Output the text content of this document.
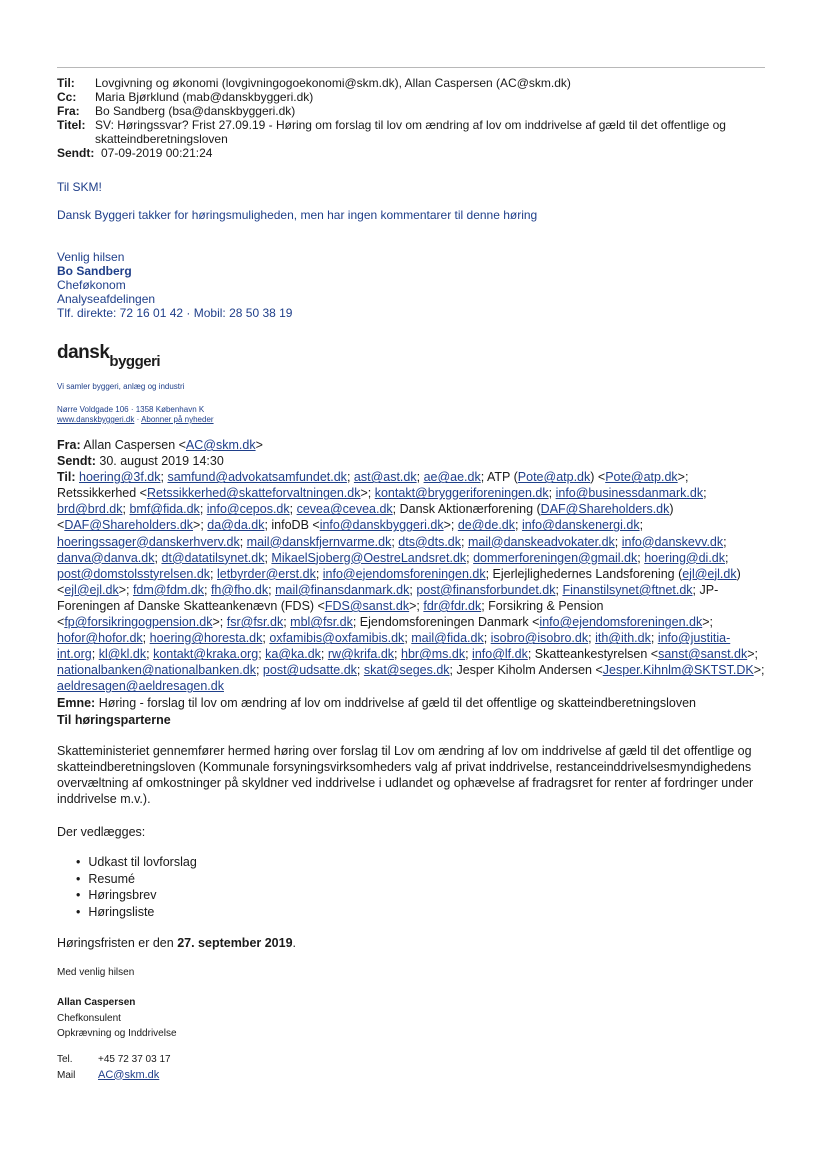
Til:	Lovgivning og økonomi (lovgivningogoekonomi@skm.dk), Allan Caspersen (AC@skm.dk)
Cc:	Maria Bjørklund (mab@danskbyggeri.dk)
Fra:	Bo Sandberg (bsa@danskbyggeri.dk)
Titel: SV: Høringssvar? Frist 27.09.19 - Høring om forslag til lov om ændring af lov om inddrivelse af gæld til det offentlige og skatteindberetningsloven
Sendt: 07-09-2019 00:21:24
Til SKM!
Dansk Byggeri takker for høringsmuligheden, men har ingen kommentarer til denne høring
Venlig hilsen
Bo Sandberg
Cheføkonom
Analyseafdelingen
Tlf. direkte: 72 16 01 42 · Mobil: 28 50 38 19
dansk$_{byggeri}$
Vi samler byggeri, anlæg og industri
Nørre Voldgade 106 · 1358 København K
www.danskbyggeri.dk · Abonner på nyheder
Fra: Allan Caspersen <AC@skm.dk>
Sendt: 30. august 2019 14:30
Til: hoering@3f.dk; samfund@advokatsamfundet.dk; ast@ast.dk; ae@ae.dk; ATP (Pote@atp.dk) <Pote@atp.dk>; Retssikkerhed <Retssikkerhed@skatteforvaltningen.dk>; kontakt@bryggeriforeningen.dk; info@businessdanmark.dk; brd@brd.dk; bmf@fida.dk; info@cepos.dk; cevea@cevea.dk; Dansk Aktionærforening (DAF@Shareholders.dk) <DAF@Shareholders.dk>; da@da.dk; infoDB <info@danskbyggeri.dk>; de@de.dk; info@danskenergi.dk; hoeringssager@danskerhverv.dk; mail@danskfjernvarme.dk; dts@dts.dk; mail@danskeadvokater.dk; info@danskevv.dk; danva@danva.dk; dt@datatilsynet.dk; MikaelSjoberg@OestreLandsret.dk; dommerforeningen@gmail.dk; hoering@di.dk; post@domstolsstyrelsen.dk; letbyrder@erst.dk; info@ejendomsforeningen.dk; Ejerlejlighedernes Landsforening (ejl@ejl.dk) <ejl@ejl.dk>; fdm@fdm.dk; fh@fho.dk; mail@finansdanmark.dk; post@finansforbundet.dk; Finanstilsynet@ftnet.dk; JP-Foreningen af Danske Skatteankenævn (FDS) <FDS@sanst.dk>; fdr@fdr.dk; Forsikring & Pension <fp@forsikringogpension.dk>; fsr@fsr.dk; mbl@fsr.dk; Ejendomsforeningen Danmark <info@ejendomsforeningen.dk>; hofor@hofor.dk; hoering@horesta.dk; oxfamibis@oxfamibis.dk; mail@fida.dk; isobro@isobro.dk; ith@ith.dk; info@justitia-int.org; kl@kl.dk; kontakt@kraka.org; ka@ka.dk; rw@krifa.dk; hbr@ms.dk; info@lf.dk; Skatteankestyrelsen <sanst@sanst.dk>; nationalbanken@nationalbanken.dk; post@udsatte.dk; skat@seges.dk; Jesper Kiholm Andersen <Jesper.Kihnlm@SKTST.DK>; aeldresagen@aeldresagen.dk
Emne: Høring - forslag til lov om ændring af lov om inddrivelse af gæld til det offentlige og skatteindberetningsloven
Til høringsparterne
Skatteministeriet gennemfører hermed høring over forslag til Lov om ændring af lov om inddrivelse af gæld til det offentlige og skatteindberetningsloven (Kommunale forsyningsvirksomheders valg af privat inddrivelse, restanceinddrivelsesmyndighedens overvæltning af omkostninger på skyldner ved inddrivelse i udlandet og ophævelse af fradragsret for renter af fordringer under inddrivelse m.v.).
Der vedlægges:
• Udkast til lovforslag
• Resumé
• Høringsbrev
• Høringsliste
Høringsfristen er den 27. september 2019.
Med venlig hilsen
Allan Caspersen
Chefkonsulent
Opkrævning og Inddrivelse
Tel.	+45 72 37 03 17
Mail AC@skm.dk
